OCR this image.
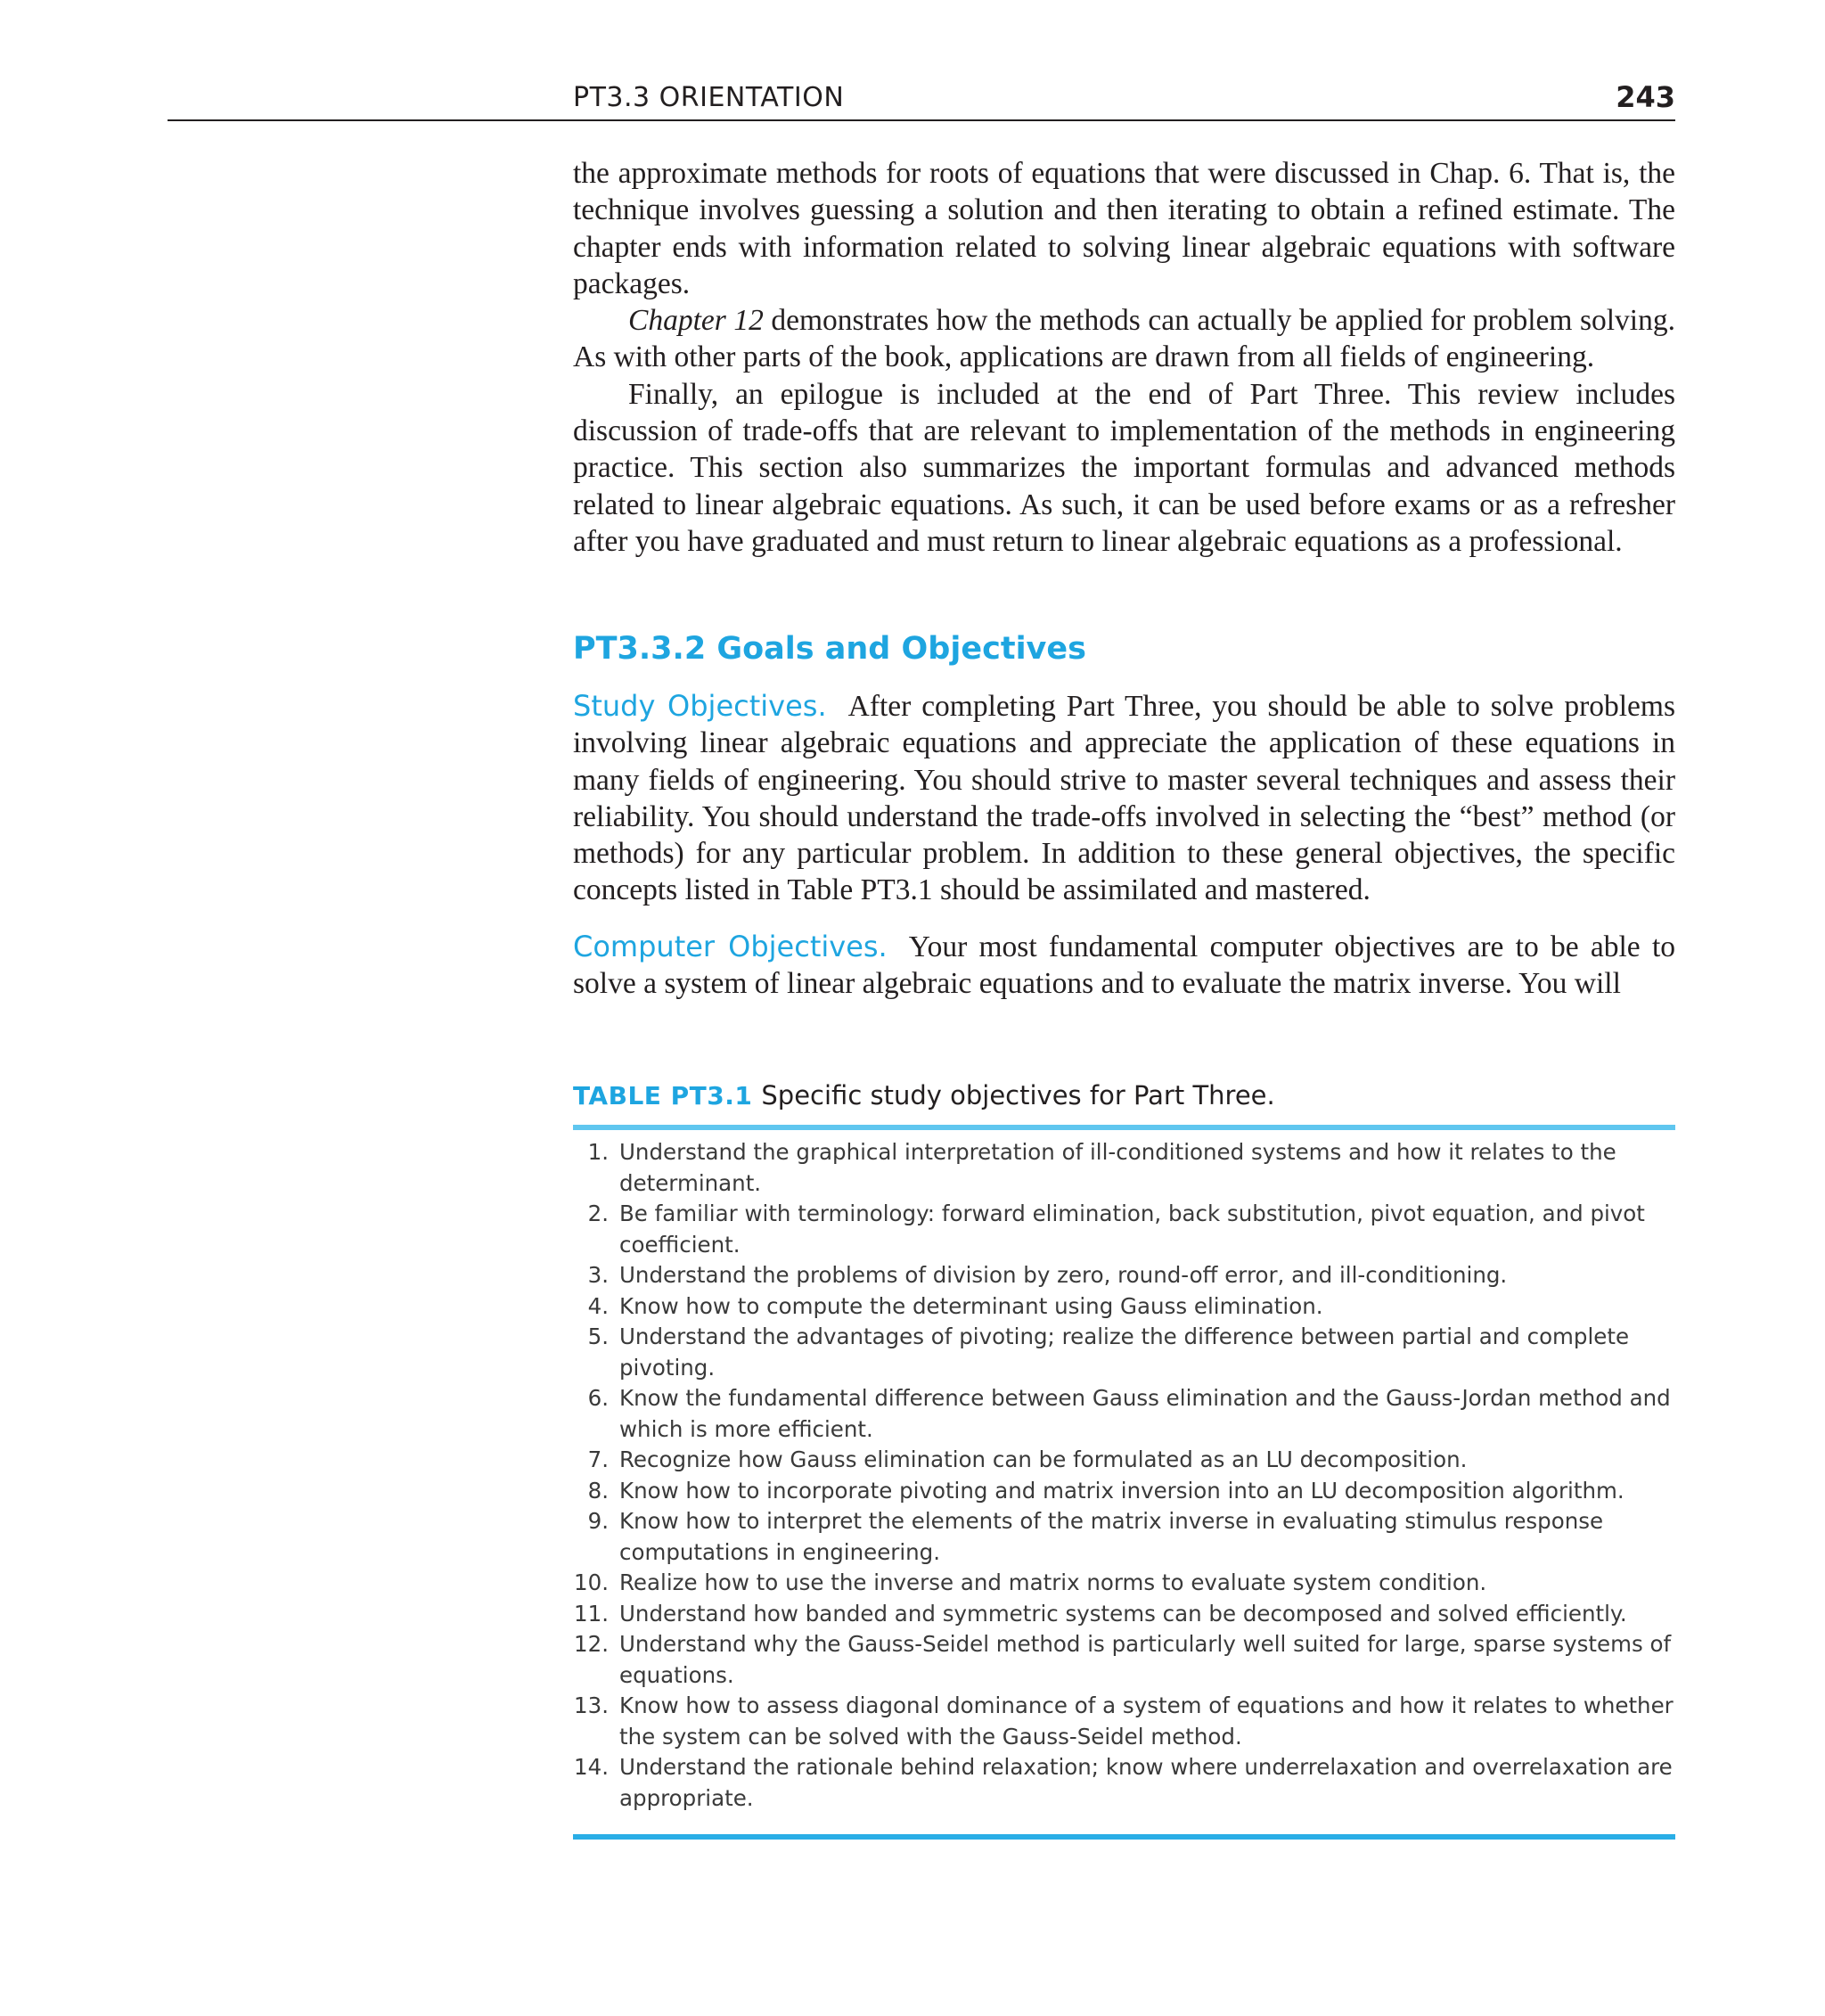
PT3.3 ORIENTATION	243

the approximate methods for roots of equations that were discussed in Chap. 6. That is, the technique involves guessing a solution and then iterating to obtain a refined estimate. The chapter ends with information related to solving linear algebraic equations with software packages.

Chapter 12 demonstrates how the methods can actually be applied for problem solving. As with other parts of the book, applications are drawn from all fields of engineering.

Finally, an epilogue is included at the end of Part Three. This review includes discussion of trade-offs that are relevant to implementation of the methods in engineering practice. This section also summarizes the important formulas and advanced methods related to linear algebraic equations. As such, it can be used before exams or as a refresher after you have graduated and must return to linear algebraic equations as a professional.

PT3.3.2 Goals and Objectives

Study Objectives. After completing Part Three, you should be able to solve problems involving linear algebraic equations and appreciate the application of these equations in many fields of engineering. You should strive to master several techniques and assess their reliability. You should understand the trade-offs involved in selecting the “best” method (or methods) for any particular problem. In addition to these general objectives, the specific concepts listed in Table PT3.1 should be assimilated and mastered.

Computer Objectives. Your most fundamental computer objectives are to be able to solve a system of linear algebraic equations and to evaluate the matrix inverse. You will

TABLE PT3.1 Specific study objectives for Part Three.
1. Understand the graphical interpretation of ill-conditioned systems and how it relates to the determinant.
2. Be familiar with terminology: forward elimination, back substitution, pivot equation, and pivot coefficient.
3. Understand the problems of division by zero, round-off error, and ill-conditioning.
4. Know how to compute the determinant using Gauss elimination.
5. Understand the advantages of pivoting; realize the difference between partial and complete pivoting.
6. Know the fundamental difference between Gauss elimination and the Gauss-Jordan method and which is more efficient.
7. Recognize how Gauss elimination can be formulated as an LU decomposition.
8. Know how to incorporate pivoting and matrix inversion into an LU decomposition algorithm.
9. Know how to interpret the elements of the matrix inverse in evaluating stimulus response computations in engineering.
10. Realize how to use the inverse and matrix norms to evaluate system condition.
11. Understand how banded and symmetric systems can be decomposed and solved efficiently.
12. Understand why the Gauss-Seidel method is particularly well suited for large, sparse systems of equations.
13. Know how to assess diagonal dominance of a system of equations and how it relates to whether the system can be solved with the Gauss-Seidel method.
14. Understand the rationale behind relaxation; know where underrelaxation and overrelaxation are appropriate.
